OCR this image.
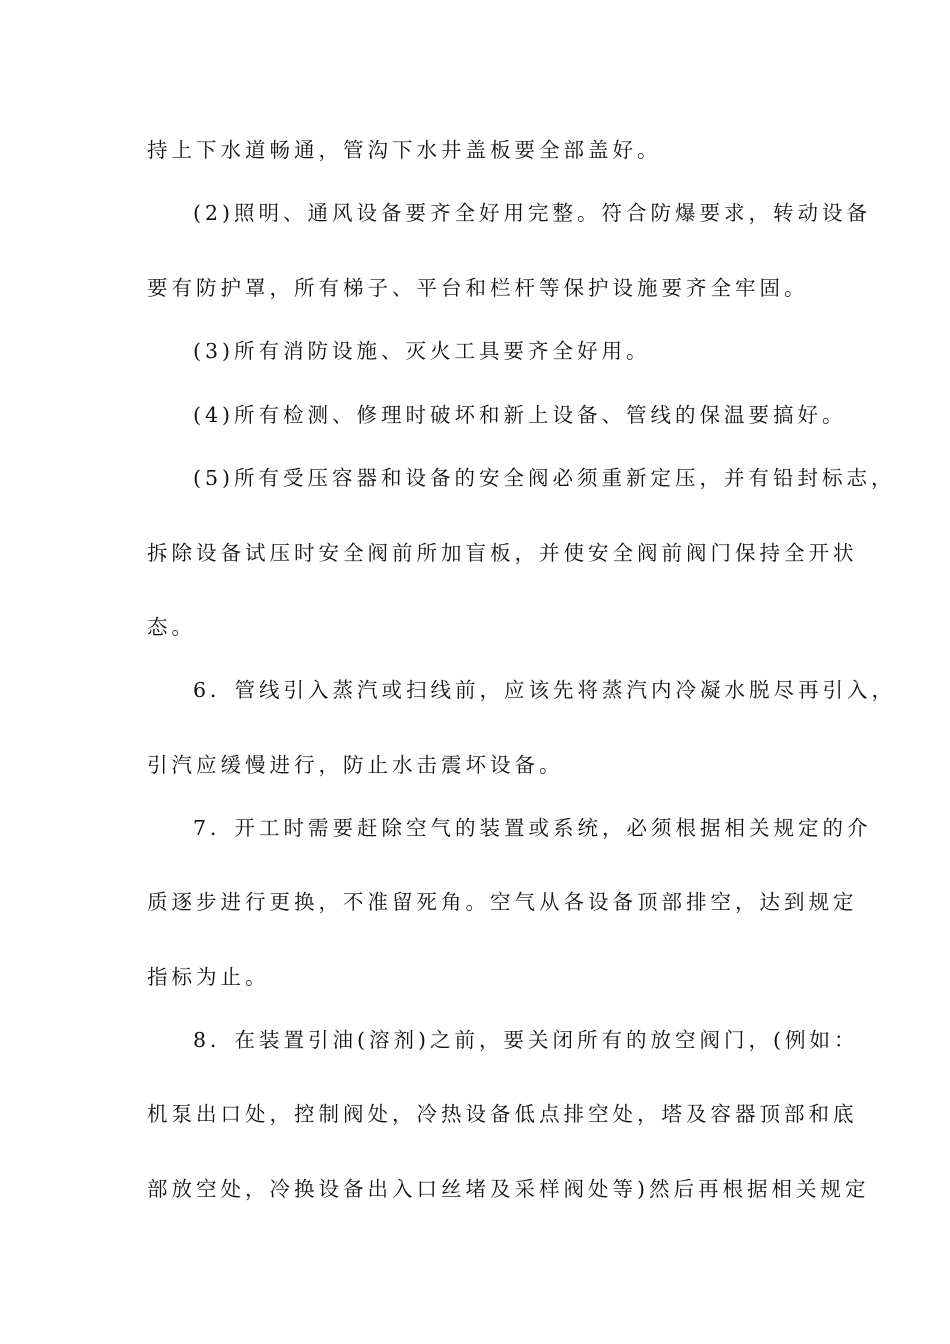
持上下水道畅通，管沟下水井盖板要全部盖好。
(2)照明、通风设备要齐全好用完整。符合防爆要求，转动设备
要有防护罩，所有梯子、平台和栏杆等保护设施要齐全牢固。
(3)所有消防设施、灭火工具要齐全好用。
(4)所有检测、修理时破坏和新上设备、管线的保温要搞好。
(5)所有受压容器和设备的安全阀必须重新定压，并有铅封标志，
拆除设备试压时安全阀前所加盲板，并使安全阀前阀门保持全开状
态。
6．管线引入蒸汽或扫线前，应该先将蒸汽内冷凝水脱尽再引入，
引汽应缓慢进行，防止水击震坏设备。
7．开工时需要赶除空气的装置或系统，必须根据相关规定的介
质逐步进行更换，不准留死角。空气从各设备顶部排空，达到规定
指标为止。
8．在装置引油(溶剂)之前，要关闭所有的放空阀门，(例如：
机泵出口处，控制阀处，冷热设备低点排空处，塔及容器顶部和底
部放空处，冷换设备出入口丝堵及采样阀处等)然后再根据相关规定
